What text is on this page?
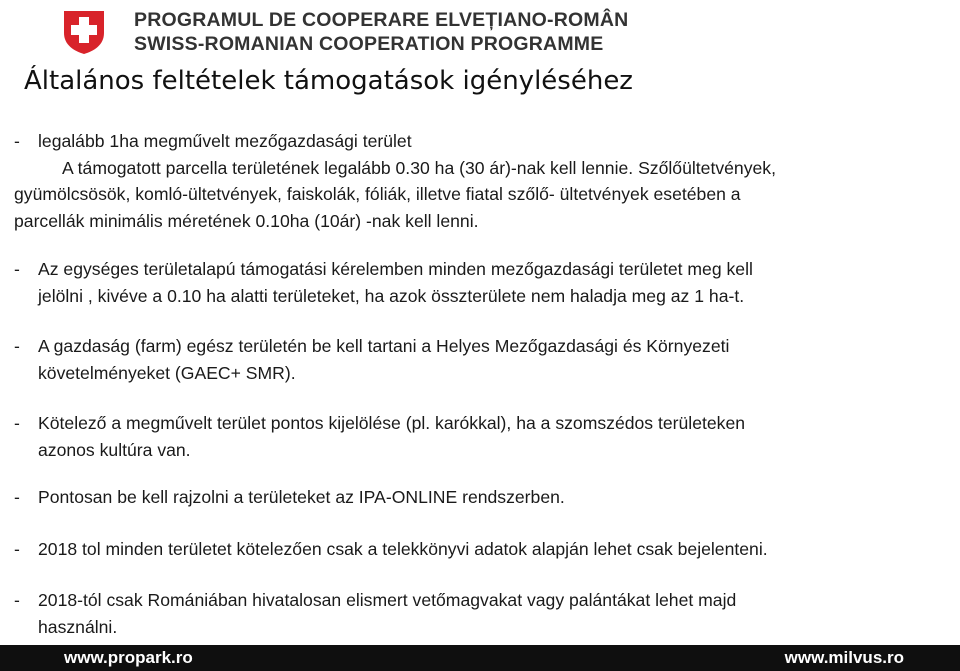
PROGRAMUL DE COOPERARE ELVEȚIANO-ROMÂN
SWISS-ROMANIAN COOPERATION PROGRAMME
Általános feltételek támogatások igényléséhez
-	legalább 1ha megművelt mezőgazdasági terület
A támogatott parcella területének legalább 0.30 ha (30 ár)-nak kell lennie. Szőlőültetvények,
gyümölcsösök, komló-ültetvények, faiskolák, fóliák, illetve fiatal szőlő- ültetvények esetében a
parcellák minimális méretének 0.10ha (10ár) -nak kell lenni.
-	Az egységes területalapú támogatási kérelemben minden mezőgazdasági területet meg kell
jelölni , kivéve a 0.10 ha alatti területeket, ha azok összterülete nem haladja meg az 1 ha-t.
-	A gazdaság (farm) egész területén be kell tartani a Helyes Mezőgazdasági és Környezeti
követelményeket (GAEC+ SMR).
-	Kötelező a megművelt terület pontos kijelölése (pl. karókkal), ha a szomszédos területeken
azonos kultúra van.
-	Pontosan be kell rajzolni a területeket az IPA-ONLINE rendszerben.
-	2018 tol minden területet kötelezően csak a telekkönyvi adatok alapján lehet csak bejelenteni.
-	2018-tól csak Romániában hivatalosan elismert vetőmagvakat vagy palántákat lehet majd
használni.
www.propark.ro	www.milvus.ro
